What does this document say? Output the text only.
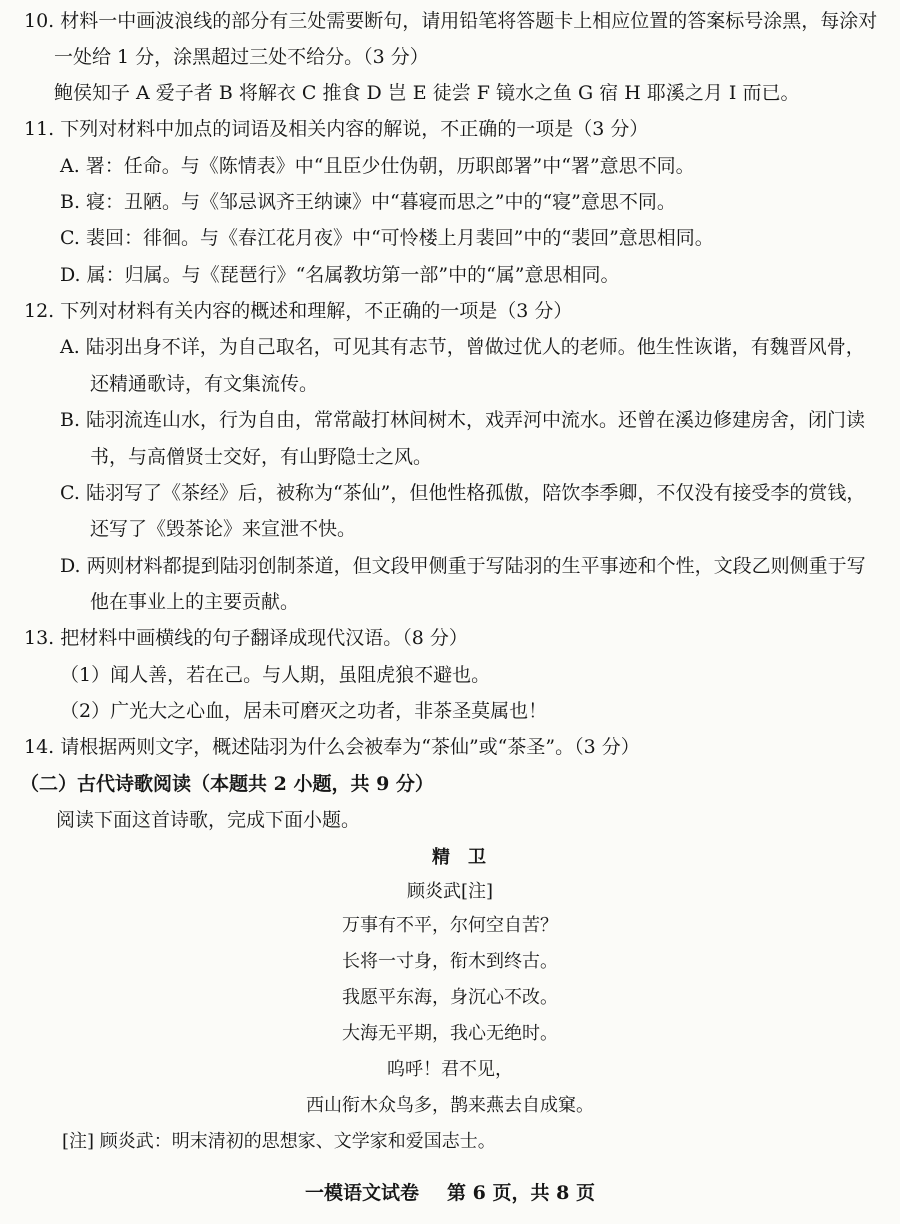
10. 材料一中画波浪线的部分有三处需要断句，请用铅笔将答题卡上相应位置的答案标号涂黑，每涂对
一处给 1 分，涂黑超过三处不给分。（3 分）
鲍侯知子 A 爱子者 B 将解衣 C 推食 D 岂 E 徒尝 F 镜水之鱼 G 宿 H 耶溪之月 I 而已。
11. 下列对材料中加点的词语及相关内容的解说，不正确的一项是（3 分）
A. 署：任命。与《陈情表》中“且臣少仕伪朝，历职郎署”中“署”意思不同。
B. 寝：丑陋。与《邹忌讽齐王纳谏》中“暮寝而思之”中的“寝”意思不同。
C. 裴回：徘徊。与《春江花月夜》中“可怜楼上月裴回”中的“裴回”意思相同。
D. 属：归属。与《琵琶行》“名属教坊第一部”中的“属”意思相同。
12. 下列对材料有关内容的概述和理解，不正确的一项是（3 分）
A. 陆羽出身不详，为自己取名，可见其有志节，曾做过优人的老师。他生性诙谐，有魏晋风骨，
还精通歌诗，有文集流传。
B. 陆羽流连山水，行为自由，常常敲打林间树木，戏弄河中流水。还曾在溪边修建房舍，闭门读
书，与高僧贤士交好，有山野隐士之风。
C. 陆羽写了《茶经》后，被称为“茶仙”，但他性格孤傲，陪饮李季卿，不仅没有接受李的赏钱，
还写了《毁茶论》来宣泄不快。
D. 两则材料都提到陆羽创制茶道，但文段甲侧重于写陆羽的生平事迹和个性，文段乙则侧重于写
他在事业上的主要贡献。
13. 把材料中画横线的句子翻译成现代汉语。（8 分）
（1）闻人善，若在己。与人期，虽阻虎狼不避也。
（2）广光大之心血，居未可磨灭之功者，非茶圣莫属也！
14. 请根据两则文字，概述陆羽为什么会被奉为“茶仙”或“茶圣”。（3 分）
（二）古代诗歌阅读（本题共 2 小题，共 9 分）
阅读下面这首诗歌，完成下面小题。
精卫
顾炎武[注]
万事有不平，尔何空自苦？
长将一寸身，衔木到终古。
我愿平东海，身沉心不改。
大海无平期，我心无绝时。
呜呼！君不见，
西山衔木众鸟多，鹊来燕去自成窠。
[注] 顾炎武：明末清初的思想家、文学家和爱国志士。
一模语文试卷 第 6 页，共 8 页
